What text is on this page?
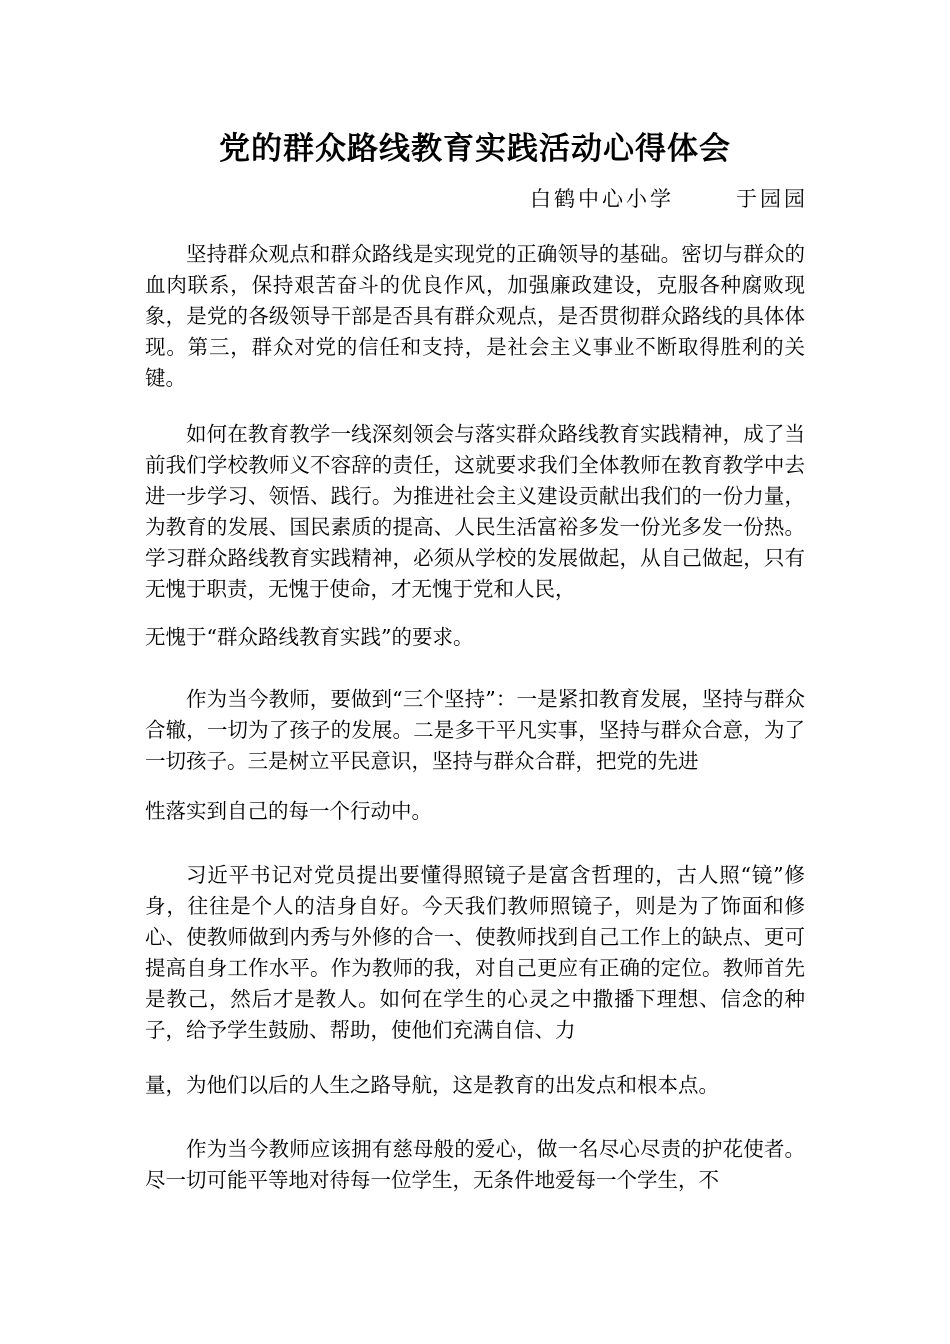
党的群众路线教育实践活动心得体会
白鹤中心小学	于园园

坚持群众观点和群众路线是实现党的正确领导的基础。密切与群众的血肉联系，保持艰苦奋斗的优良作风，加强廉政建设，克服各种腐败现象，是党的各级领导干部是否具有群众观点，是否贯彻群众路线的具体体现。第三，群众对党的信任和支持，是社会主义事业不断取得胜利的关键。

如何在教育教学一线深刻领会与落实群众路线教育实践精神，成了当前我们学校教师义不容辞的责任，这就要求我们全体教师在教育教学中去进一步学习、领悟、践行。为推进社会主义建设贡献出我们的一份力量，为教育的发展、国民素质的提高、人民生活富裕多发一份光多发一份热。学习群众路线教育实践精神，必须从学校的发展做起，从自己做起，只有无愧于职责，无愧于使命，才无愧于党和人民，

无愧于“群众路线教育实践”的要求。

作为当今教师，要做到“三个坚持”：一是紧扣教育发展，坚持与群众合辙，一切为了孩子的发展。二是多干平凡实事，坚持与群众合意，为了一切孩子。三是树立平民意识，坚持与群众合群，把党的先进

性落实到自己的每一个行动中。

习近平书记对党员提出要懂得照镜子是富含哲理的，古人照“镜”修身，往往是个人的洁身自好。今天我们教师照镜子，则是为了饰面和修心、使教师做到内秀与外修的合一、使教师找到自己工作上的缺点、更可提高自身工作水平。作为教师的我，对自己更应有正确的定位。教师首先是教己，然后才是教人。如何在学生的心灵之中撒播下理想、信念的种子，给予学生鼓励、帮助，使他们充满自信、力

量，为他们以后的人生之路导航，这是教育的出发点和根本点。

作为当今教师应该拥有慈母般的爱心，做一名尽心尽责的护花使者。尽一切可能平等地对待每一位学生，无条件地爱每一个学生，不
